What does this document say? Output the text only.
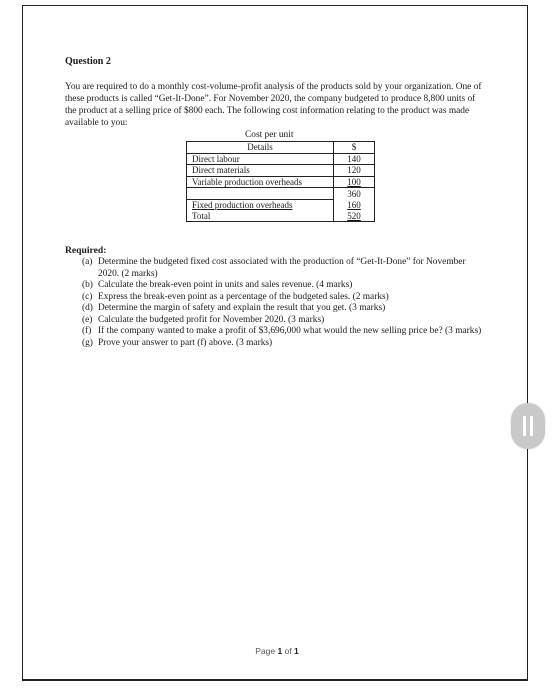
Question 2
You are required to do a monthly cost-volume-profit analysis of the products sold by your organization. One of these products is called “Get-It-Done”. For November 2020, the company budgeted to produce 8,800 units of the product at a selling price of $800 each. The following cost information relating to the product was made available to you:
Cost per unit
Details	$
Direct labour	140
Direct materials	120
Variable production overheads	100
	360
Fixed production overheads	160
Total	520
Required:
(a) Determine the budgeted fixed cost associated with the production of “Get-It-Done” for November 2020. (2 marks)
(b) Calculate the break-even point in units and sales revenue. (4 marks)
(c) Express the break-even point as a percentage of the budgeted sales. (2 marks)
(d) Determine the margin of safety and explain the result that you get. (3 marks)
(e) Calculate the budgeted profit for November 2020. (3 marks)
(f) If the company wanted to make a profit of $3,696,000 what would the new selling price be? (3 marks)
(g) Prove your answer to part (f) above. (3 marks)
Page 1 of 1
